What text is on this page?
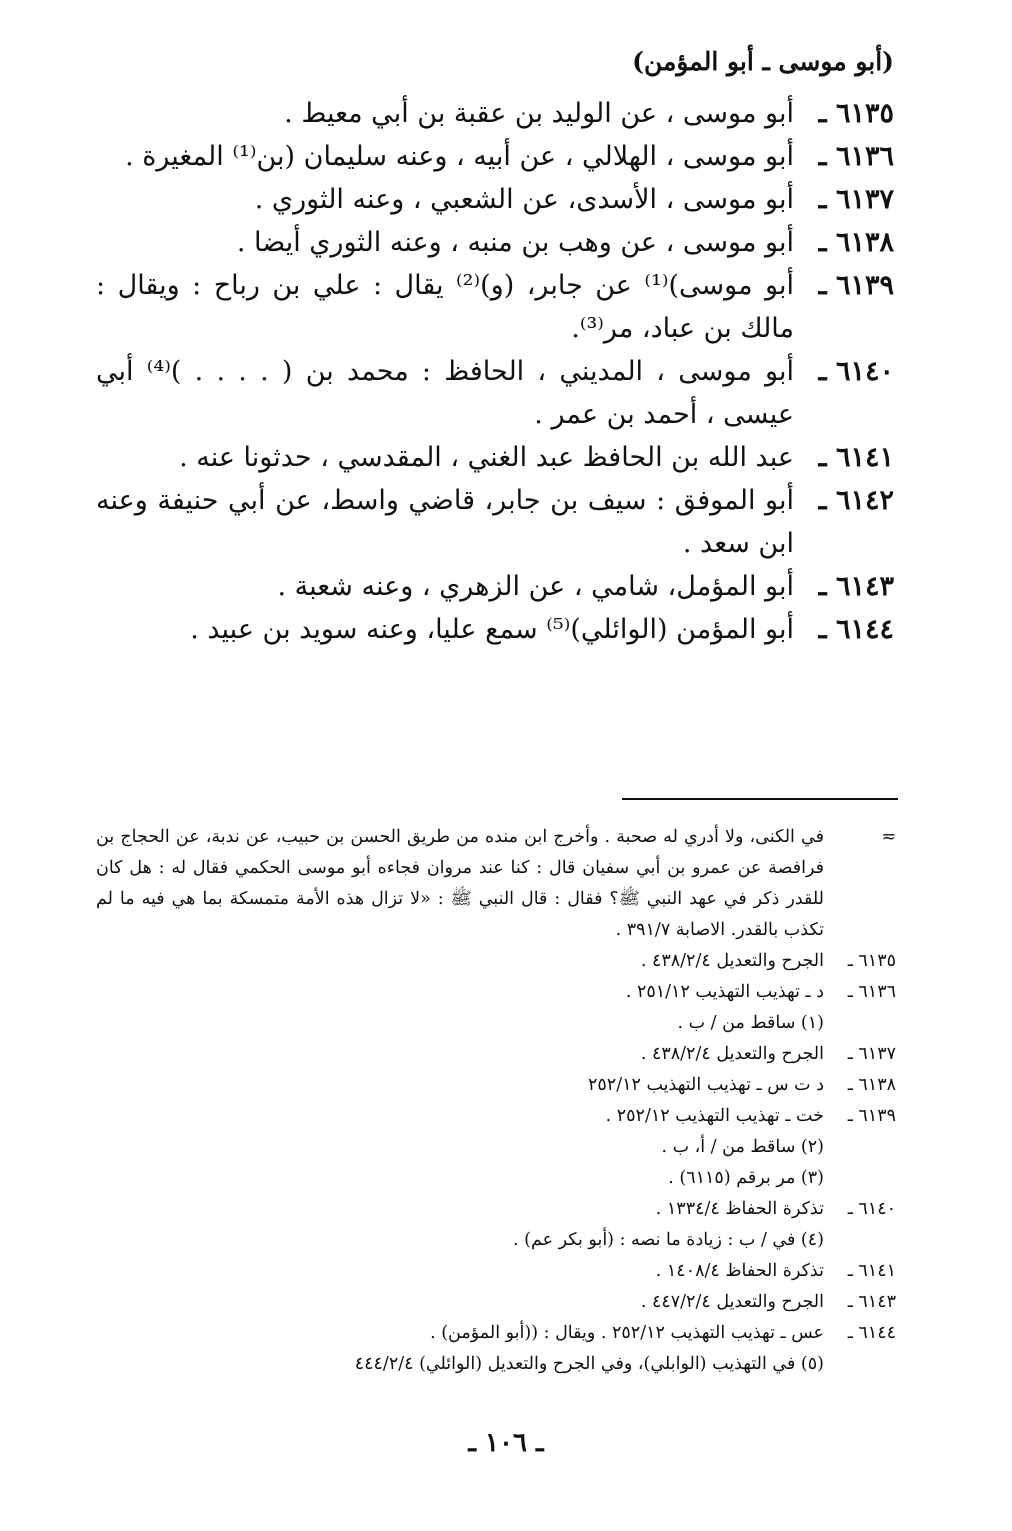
(أبو موسى ـ أبو المؤمن)
٦١٣٥ ـ
أبو موسى ، عن الوليد بن عقبة بن أبي معيط .
٦١٣٦ ـ
أبو موسى ، الهلالي ، عن أبيه ، وعنه سليمان (بن⁽¹⁾ المغيرة .
٦١٣٧ ـ
أبو موسى ، الأسدى، عن الشعبي ، وعنه الثوري .
٦١٣٨ ـ
أبو موسى ، عن وهب بن منبه ، وعنه الثوري أيضا .
٦١٣٩ ـ
أبو موسى)⁽¹⁾ عن جابر، (و)⁽²⁾ يقال : علي بن رباح : ويقال : مالك بن عباد، مر⁽³⁾.
٦١٤٠ ـ
أبو موسى ، المديني ، الحافظ : محمد بن ( . . . . )⁽⁴⁾ أبي عيسى ، أحمد بن عمر .
٦١٤١ ـ
عبد الله بن الحافظ عبد الغني ، المقدسي ، حدثونا عنه .
٦١٤٢ ـ
أبو الموفق : سيف بن جابر، قاضي واسط، عن أبي حنيفة وعنه ابن سعد .
٦١٤٣ ـ
أبو المؤمل، شامي ، عن الزهري ، وعنه شعبة .
٦١٤٤ ـ
أبو المؤمن (الوائلي)⁽⁵⁾ سمع عليا، وعنه سويد بن عبيد .
≂
في الكنى، ولا أدري له صحبة . وأخرج ابن منده من طريق الحسن بن حبيب، عن ندبة، عن الحجاج بن فرافصة عن عمرو بن أبي سفيان قال : كنا عند مروان فجاءه أبو موسى الحكمي فقال له : هل كان للقدر ذكر في عهد النبي ﷺ؟ فقال : قال النبي ﷺ : «لا تزال هذه الأمة متمسكة بما هي فيه ما لم تكذب بالقدر. الاصابة ٣٩١/٧ .
٦١٣٥ ـ
الجرح والتعديل ٤٣٨/٢/٤ .
٦١٣٦ ـ
د ـ تهذيب التهذيب ٢٥١/١٢ .
(١) ساقط من / ب .
٦١٣٧ ـ
الجرح والتعديل ٤٣٨/٢/٤ .
٦١٣٨ ـ
د ت س ـ تهذيب التهذيب ٢٥٢/١٢
٦١٣٩ ـ
خت ـ تهذيب التهذيب ٢٥٢/١٢ .
(٢) ساقط من / أ، ب .
(٣) مر برقم (٦١١٥) .
٦١٤٠ ـ
تذكرة الحفاظ ١٣٣٤/٤ .
(٤) في / ب : زيادة ما نصه : (أبو بكر عم) .
٦١٤١ ـ
تذكرة الحفاظ ١٤٠٨/٤ .
٦١٤٣ ـ
الجرح والتعديل ٤٤٧/٢/٤ .
٦١٤٤ ـ
عس ـ تهذيب التهذيب ٢٥٢/١٢ . ويقال : ((أبو المؤمن) .
(٥) في التهذيب (الوابلي)، وفي الجرح والتعديل (الوائلي) ٤٤٤/٢/٤
ـ ١٠٦ ـ
